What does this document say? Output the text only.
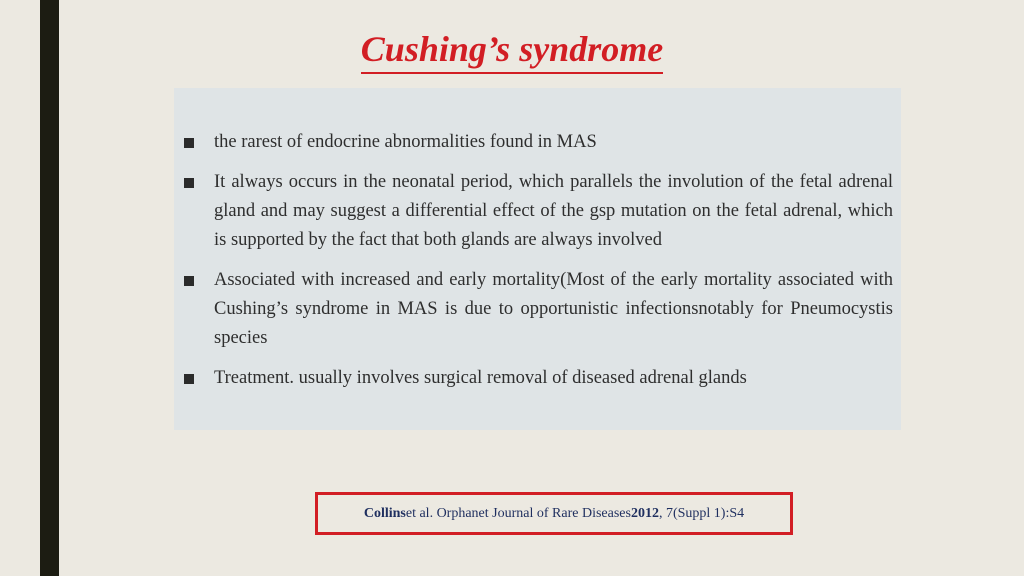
Cushing’s syndrome
the rarest of endocrine abnormalities found in MAS
It always occurs in the neonatal period, which parallels the involution of the fetal adrenal gland and may suggest a differential effect of the gsp mutation on the fetal adrenal, which is supported by the fact that both glands are always involved
Associated with increased and early mortality(Most of the early mortality associated with Cushing’s syndrome in MAS is due to opportunistic infectionsnotably for Pneumocystis species
Treatment. usually involves surgical removal of diseased adrenal glands
Collins et al. Orphanet Journal of Rare Diseases 2012 , 7(Suppl 1):S4
